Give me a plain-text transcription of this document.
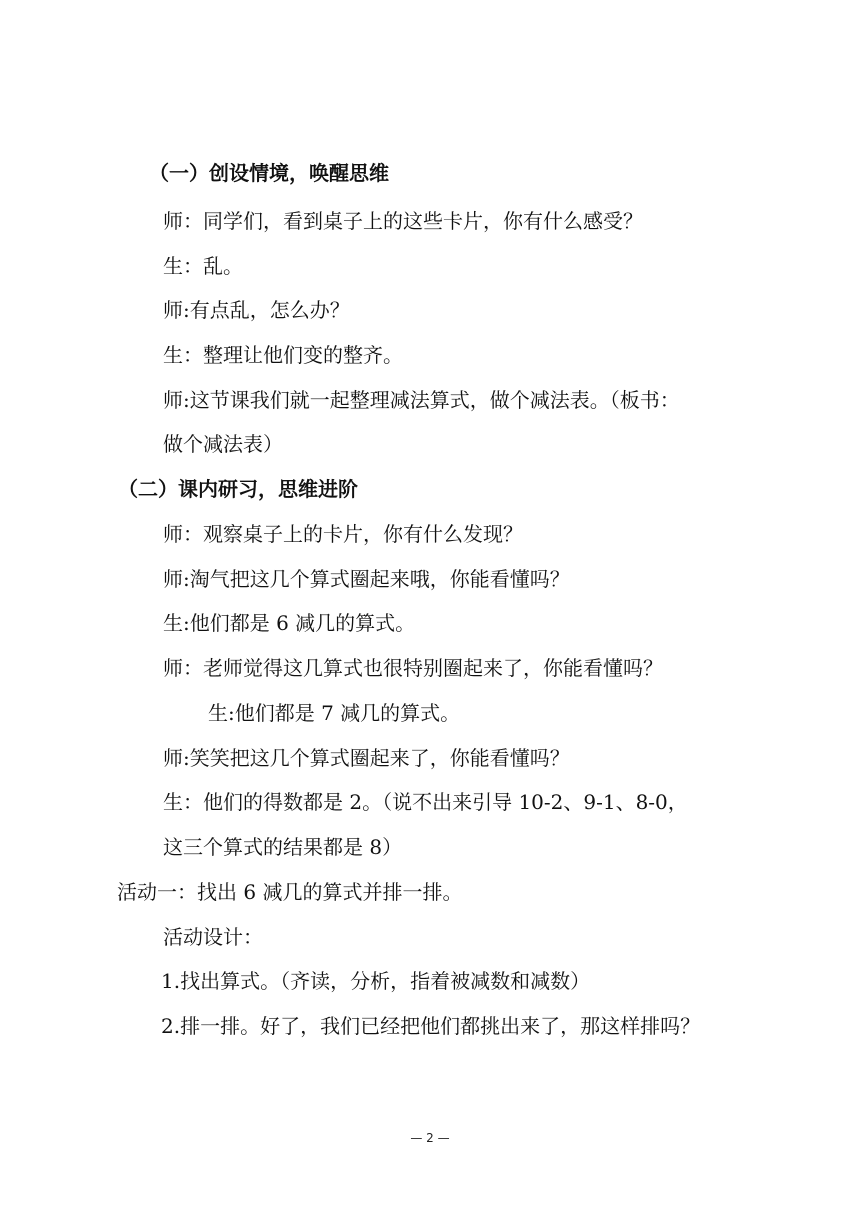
（一）创设情境，唤醒思维
师：同学们，看到桌子上的这些卡片，你有什么感受？
生：乱。
师:有点乱，怎么办？
生：整理让他们变的整齐。
师:这节课我们就一起整理减法算式，做个减法表。（板书：
做个减法表）
（二）课内研习，思维进阶
师：观察桌子上的卡片，你有什么发现？
师:淘气把这几个算式圈起来哦，你能看懂吗？
生:他们都是 6 减几的算式。
师：老师觉得这几算式也很特别圈起来了，你能看懂吗？
生:他们都是 7 减几的算式。
师:笑笑把这几个算式圈起来了，你能看懂吗？
生：他们的得数都是 2。（说不出来引导 10-2、9-1、8-0，
这三个算式的结果都是 8）
活动一：找出 6 减几的算式并排一排。
活动设计：
1.找出算式。（齐读，分析，指着被减数和减数）
2.排一排。好了，我们已经把他们都挑出来了，那这样排吗？
— 2 —
